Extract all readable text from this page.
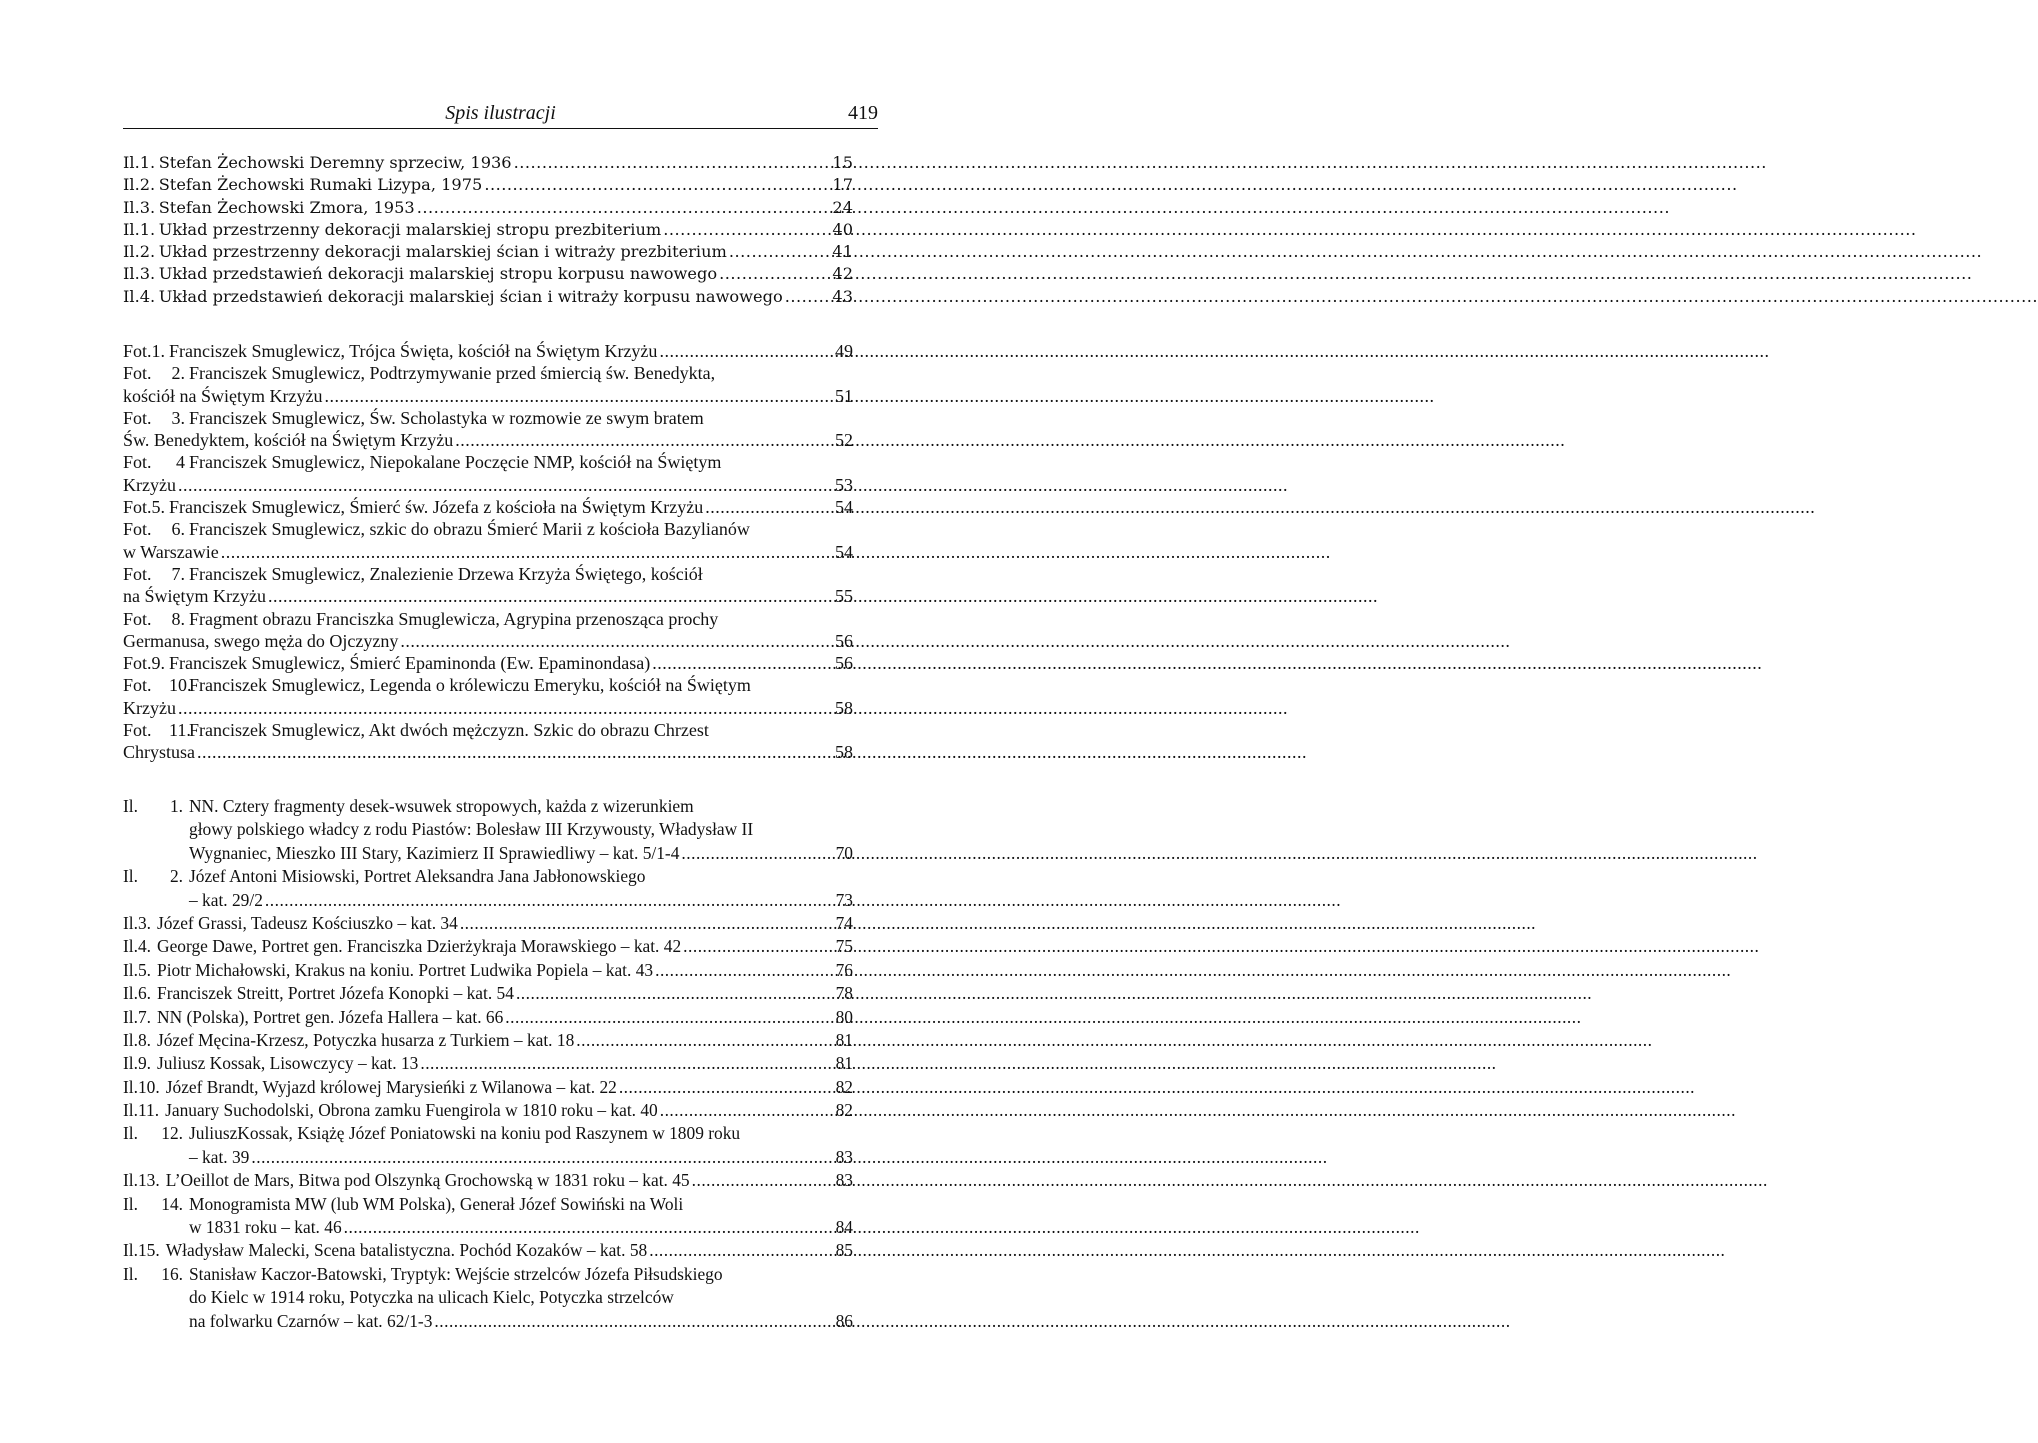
Spis ilustracji	419
Il. 1. Stefan Żechowski Deremny sprzeciw, 1936 .....	15
Il. 2. Stefan Żechowski Rumaki Lizypa, 1975 .....	17
Il. 3. Stefan Żechowski Zmora, 1953 .....	24
Il. 1. Układ przestrzenny dekoracji malarskiej stropu prezbiterium .....	40
Il. 2. Układ przestrzenny dekoracji malarskiej ścian i witraży prezbiterium .....	41
Il. 3. Układ przedstawień dekoracji malarskiej stropu korpusu nawowego .....	42
Il. 4. Układ przedstawień dekoracji malarskiej ścian i witraży korpusu nawowego .....	43
Fot. 1. Franciszek Smuglewicz, Trójca Święta, kościół na Świętym Krzyżu .....	49
Fot. 2. Franciszek Smuglewicz, Podtrzymywanie przed śmiercią św. Benedykta,
kościół na Świętym Krzyżu .....	51
Fot. 3. Franciszek Smuglewicz, Św. Scholastyka w rozmowie ze swym bratem
Św. Benedyktem, kościół na Świętym Krzyżu .....	52
Fot. 4 Franciszek Smuglewicz, Niepokalane Poczęcie NMP, kościół na Świętym
Krzyżu .....	53
Fot. 5. Franciszek Smuglewicz, Śmierć św. Józefa z kościoła na Świętym Krzyżu .....	54
Fot. 6. Franciszek Smuglewicz, szkic do obrazu Śmierć Marii z kościoła Bazylianów
w Warszawie .....	54
Fot. 7. Franciszek Smuglewicz, Znalezienie Drzewa Krzyża Świętego, kościół
na Świętym Krzyżu .....	55
Fot. 8. Fragment obrazu Franciszka Smuglewicza, Agrypina przenosząca prochy
Germanusa, swego męża do Ojczyzny .....	56
Fot. 9. Franciszek Smuglewicz, Śmierć Epaminonda (Ew. Epaminondasa) .....	56
Fot. 10.Franciszek Smuglewicz, Legenda o królewiczu Emeryku, kościół na Świętym
Krzyżu .....	58
Fot. 11.Franciszek Smuglewicz, Akt dwóch mężczyzn. Szkic do obrazu Chrzest
Chrystusa .....	58
Il. 1. NN. Cztery fragmenty desek-wsuwek stropowych, każda z wizerunkiem
głowy polskiego władcy z rodu Piastów: Bolesław III Krzywousty, Władysław II
Wygnaniec, Mieszko III Stary, Kazimierz II Sprawiedliwy – kat. 5/1-4 .....	70
Il. 2. Józef Antoni Misiowski, Portret Aleksandra Jana Jabłonowskiego
– kat. 29/2 .....	73
Il. 3. Józef Grassi, Tadeusz Kościuszko – kat. 34 .....	74
Il. 4. George Dawe, Portret gen. Franciszka Dzierżykraja Morawskiego – kat. 42 .....	75
Il. 5. Piotr Michałowski, Krakus na koniu. Portret Ludwika Popiela – kat. 43 .....	76
Il. 6. Franciszek Streitt, Portret Józefa Konopki – kat. 54 .....	78
Il. 7. NN (Polska), Portret gen. Józefa Hallera – kat. 66 .....	80
Il. 8. Józef Męcina-Krzesz, Potyczka husarza z Turkiem – kat. 18 .....	81
Il. 9. Juliusz Kossak, Lisowczycy – kat. 13 .....	81
Il. 10. Józef Brandt, Wyjazd królowej Marysieńki z Wilanowa – kat. 22 .....	82
Il. 11. January Suchodolski, Obrona zamku Fuengirola w 1810 roku – kat. 40 .....	82
Il. 12. JuliuszKossak, Książę Józef Poniatowski na koniu pod Raszynem w 1809 roku
– kat. 39 .....	83
Il. 13. L’Oeillot de Mars, Bitwa pod Olszynką Grochowską w 1831 roku – kat. 45 .....	83
Il. 14. Monogramista MW (lub WM Polska), Generał Józef Sowiński na Woli
w 1831 roku – kat. 46 .....	84
Il. 15. Władysław Malecki, Scena batalistyczna. Pochód Kozaków – kat. 58 .....	85
Il. 16. Stanisław Kaczor-Batowski, Tryptyk: Wejście strzelców Józefa Piłsudskiego
do Kielc w 1914 roku, Potyczka na ulicach Kielc, Potyczka strzelców
na folwarku Czarnów – kat. 62/1-3 .....	86
